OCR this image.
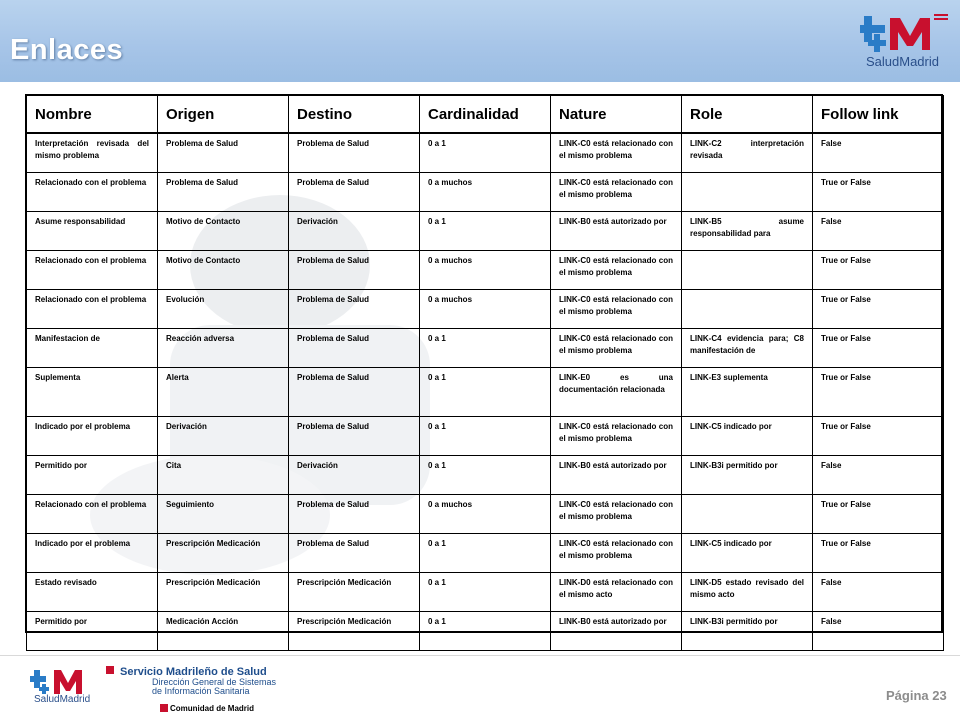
Enlaces	SaludMadrid
Nombre	Origen	Destino	Cardinalidad	Nature	Role	Follow link
Interpretación revisada del mismo problema	Problema de Salud	Problema de Salud	0 a 1	LINK-C0 está relacionado con el mismo problema	LINK-C2 interpretación revisada	False
Relacionado con el problema	Problema de Salud	Problema de Salud	0 a muchos	LINK-C0 está relacionado con el mismo problema		True or False
Asume responsabilidad	Motivo de Contacto	Derivación	0 a 1	LINK-B0 está autorizado por	LINK-B5 asume responsabilidad para	False
Relacionado con el problema	Motivo de Contacto	Problema de Salud	0 a muchos	LINK-C0 está relacionado con el mismo problema		True or False
Relacionado con el problema	Evolución	Problema de Salud	0 a muchos	LINK-C0 está relacionado con el mismo problema		True or False
Manifestacion de	Reacción adversa	Problema de Salud	0 a 1	LINK-C0 está relacionado con el mismo problema	LINK-C4 evidencia para; C8 manifestación de	True or False
Suplementa	Alerta	Problema de Salud	0 a 1	LINK-E0 es una documentación relacionada	LINK-E3 suplementa	True or False
Indicado por el problema	Derivación	Problema de Salud	0 a 1	LINK-C0 está relacionado con el mismo problema	LINK-C5 indicado por	True or False
Permitido por	Cita	Derivación	0 a 1	LINK-B0 está autorizado por	LINK-B3i permitido por	False
Relacionado con el problema	Seguimiento	Problema de Salud	0 a muchos	LINK-C0 está relacionado con el mismo problema		True or False
Indicado por el problema	Prescripción Medicación	Problema de Salud	0 a 1	LINK-C0 está relacionado con el mismo problema	LINK-C5 indicado por	True or False
Estado revisado	Prescripción Medicación	Prescripción Medicación	0 a 1	LINK-D0 está relacionado con el mismo acto	LINK-D5 estado revisado del mismo acto	False
Permitido por	Medicación Acción	Prescripción Medicación	0 a 1	LINK-B0 está autorizado por	LINK-B3i permitido por	False
SaludMadrid
Servicio Madrileño de Salud
Dirección General de Sistemas
de Información Sanitaria
Comunidad de Madrid
Página 23
